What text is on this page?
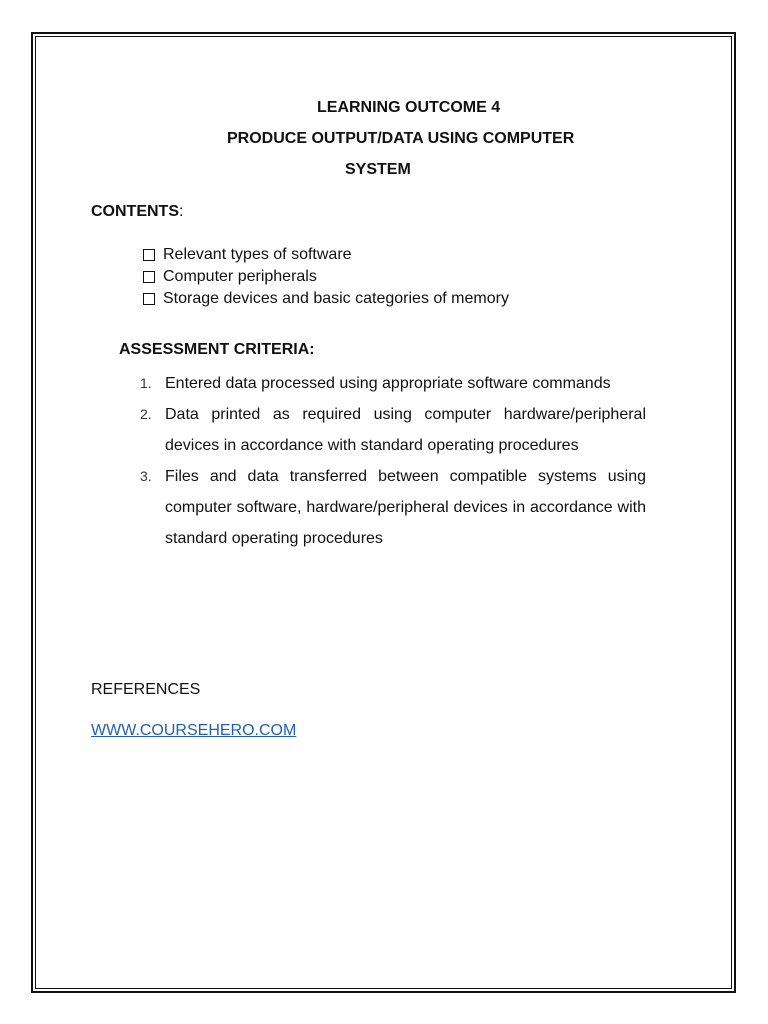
LEARNING OUTCOME 4
PRODUCE OUTPUT/DATA USING COMPUTER
SYSTEM
CONTENTS:
Relevant types of software
Computer peripherals
Storage devices and basic categories of memory
ASSESSMENT CRITERIA:
1. Entered data processed using appropriate software commands
2. Data printed as required using computer hardware/peripheral devices in accordance with standard operating procedures
3. Files and data transferred between compatible systems using computer software, hardware/peripheral devices in accordance with standard operating procedures
REFERENCES
WWW.COURSEHERO.COM
